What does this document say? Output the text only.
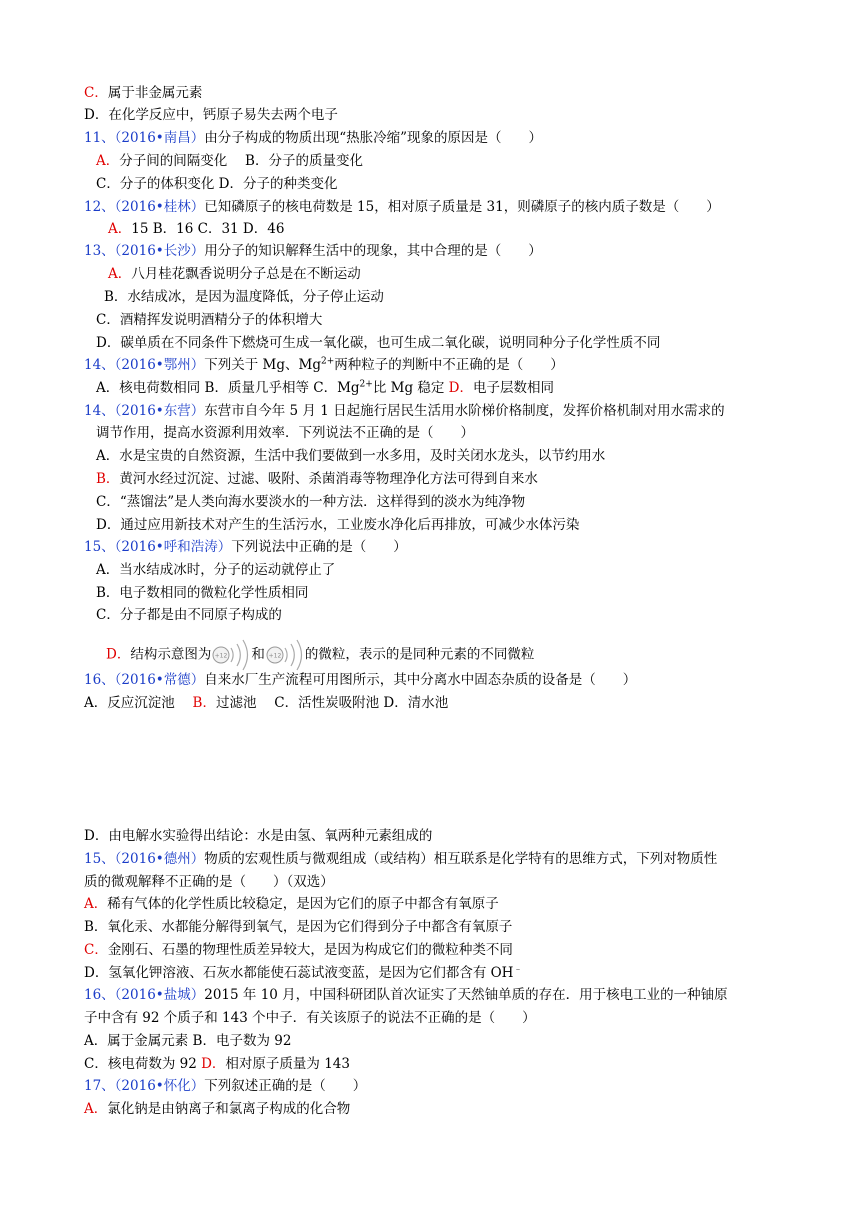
C．属于非金属元素
D．在化学反应中，钙原子易失去两个电子
11、（2016•南昌）由分子构成的物质出现“热胀冷缩”现象的原因是（　　）
A．分子间的间隔变化　 B．分子的质量变化
C．分子的体积变化 D．分子的种类变化
12、（2016•桂林）已知磷原子的核电荷数是 15，相对原子质量是 31，则磷原子的核内质子数是（　　）
A．15 B．16 C．31 D．46
13、（2016•长沙）用分子的知识解释生活中的现象，其中合理的是（　　）
A．八月桂花飘香说明分子总是在不断运动
B．水结成冰，是因为温度降低，分子停止运动
C．酒精挥发说明酒精分子的体积增大
D．碳单质在不同条件下燃烧可生成一氧化碳，也可生成二氧化碳，说明同种分子化学性质不同
14、（2016•鄂州）下列关于 Mg、$Mg^{2+}$两种粒子的判断中不正确的是（　　）
A．核电荷数相同 B．质量几乎相等 C．$Mg^{2+}$比 Mg 稳定 D．电子层数相同
14、（2016•东营）东营市自今年 5 月 1 日起施行居民生活用水阶梯价格制度，发挥价格机制对用水需求的
调节作用，提高水资源利用效率．下列说法不正确的是（　　）
A．水是宝贵的自然资源，生活中我们要做到一水多用，及时关闭水龙头，以节约用水
B．黄河水经过沉淀、过滤、吸附、杀菌消毒等物理净化方法可得到自来水
C．“蒸馏法”是人类向海水要淡水的一种方法．这样得到的淡水为纯净物
D．通过应用新技术对产生的生活污水，工业废水净化后再排放，可减少水体污染
15、（2016•呼和浩涛）下列说法中正确的是（　　）
A．当水结成冰时，分子的运动就停止了
B．电子数相同的微粒化学性质相同
C．分子都是由不同原子构成的
D．结构示意图为 +12 和 +12 的微粒，表示的是同种元素的不同微粒
16、（2016•常德）自来水厂生产流程可用图所示，其中分离水中固态杂质的设备是（　　）
A．反应沉淀池　 B．过滤池　 C．活性炭吸附池 D．清水池
D．由电解水实验得出结论：水是由氢、氧两种元素组成的
15、（2016•德州）物质的宏观性质与微观组成（或结构）相互联系是化学特有的思维方式，下列对物质性
质的微观解释不正确的是（　　）（双选）
A．稀有气体的化学性质比较稳定，是因为它们的原子中都含有氧原子
B．氧化汞、水都能分解得到氧气，是因为它们得到分子中都含有氧原子
C．金刚石、石墨的物理性质差异较大，是因为构成它们的微粒种类不同
D．氢氧化钾溶液、石灰水都能使石蕊试液变蓝，是因为它们都含有 OH﹣
16、（2016•盐城）2015 年 10 月，中国科研团队首次证实了天然铀单质的存在．用于核电工业的一种铀原
子中含有 92 个质子和 143 个中子．有关该原子的说法不正确的是（　　）
A．属于金属元素 B．电子数为 92
C．核电荷数为 92 D．相对原子质量为 143
17、（2016•怀化）下列叙述正确的是（　　）
A．氯化钠是由钠离子和氯离子构成的化合物
